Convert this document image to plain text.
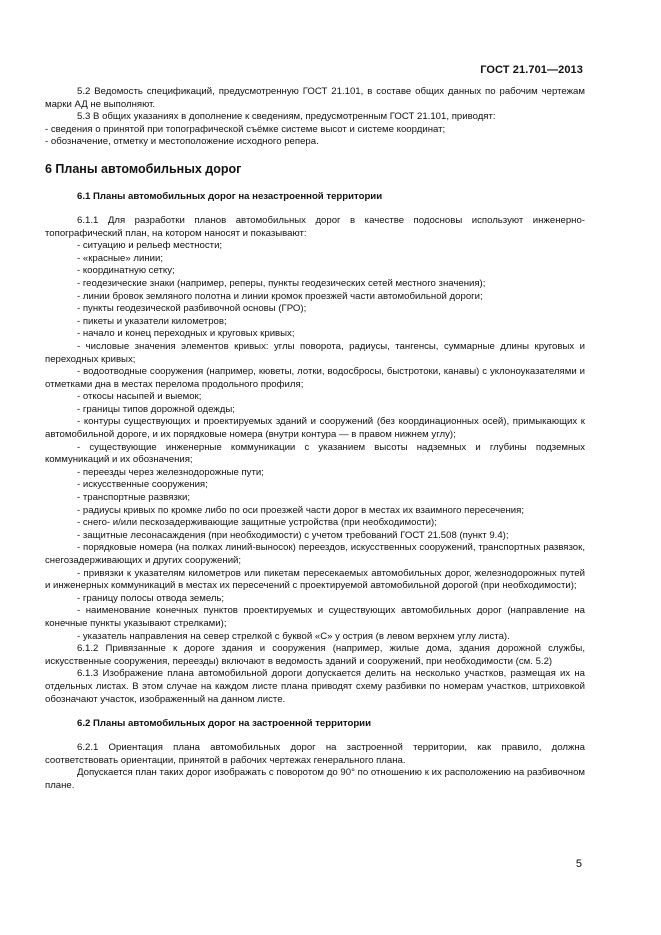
ГОСТ 21.701—2013

5.2 Ведомость спецификаций, предусмотренную ГОСТ 21.101, в составе общих данных по рабочим чертежам марки АД не выполняют.

5.3 В общих указаниях в дополнение к сведениям, предусмотренным ГОСТ 21.101, приводят:

- сведения о принятой при топографической съёмке системе высот и системе координат;

- обозначение, отметку и местоположение исходного репера.

6 Планы автомобильных дорог
6.1 Планы автомобильных дорог на незастроенной территории

6.1.1 Для разработки планов автомобильных дорог в качестве подосновы используют инженерно-топографический план, на котором наносят и показывают:

- ситуацию и рельеф местности;

- «красные» линии;

- координатную сетку;

- геодезические знаки (например, реперы, пункты геодезических сетей местного значения);

- линии бровок земляного полотна и линии кромок проезжей части автомобильной дороги;

- пункты геодезической разбивочной основы (ГРО);

- пикеты и указатели километров;

- начало и конец переходных и круговых кривых;

- числовые значения элементов кривых: углы поворота, радиусы, тангенсы, суммарные длины круговых и переходных кривых;

- водоотводные сооружения (например, кюветы, лотки, водосбросы, быстротоки, канавы) с уклоноуказателями и отметками дна в местах перелома продольного профиля;

- откосы насыпей и выемок;

- границы типов дорожной одежды;

- контуры существующих и проектируемых зданий и сооружений (без координационных осей), примыкающих к автомобильной дороге, и их порядковые номера (внутри контура — в правом нижнем углу);

- существующие инженерные коммуникации с указанием высоты надземных и глубины подземных коммуникаций и их обозначения;

- переезды через железнодорожные пути;

- искусственные сооружения;

- транспортные развязки;

- радиусы кривых по кромке либо по оси проезжей части дорог в местах их взаимного пересечения;

- снего- и/или пескозадерживающие защитные устройства (при необходимости);

- защитные лесонасаждения (при необходимости) с учетом требований ГОСТ 21.508 (пункт 9.4);

- порядковые номера (на полках линий-выносок) переездов, искусственных сооружений, транспортных развязок, снегозадерживающих и других сооружений;

- привязки к указателям километров или пикетам пересекаемых автомобильных дорог, железнодорожных путей и инженерных коммуникаций в местах их пересечений с проектируемой автомобильной дорогой (при необходимости);

- границу полосы отвода земель;

- наименование конечных пунктов проектируемых и существующих автомобильных дорог (направление на конечные пункты указывают стрелками);

- указатель направления на север стрелкой с буквой «С» у острия (в левом верхнем углу листа).

6.1.2 Привязанные к дороге здания и сооружения (например, жилые дома, здания дорожной службы, искусственные сооружения, переезды) включают в ведомость зданий и сооружений, при необходимости (см. 5.2)

6.1.3 Изображение плана автомобильной дороги допускается делить на несколько участков, размещая их на отдельных листах. В этом случае на каждом листе плана приводят схему разбивки по номерам участков, штриховкой обозначают участок, изображенный на данном листе.

6.2 Планы автомобильных дорог на застроенной территории

6.2.1 Ориентация плана автомобильных дорог на застроенной территории, как правило, должна соответствовать ориентации, принятой в рабочих чертежах генерального плана.

Допускается план таких дорог изображать с поворотом до 90° по отношению к их расположению на разбивочном плане.

5
